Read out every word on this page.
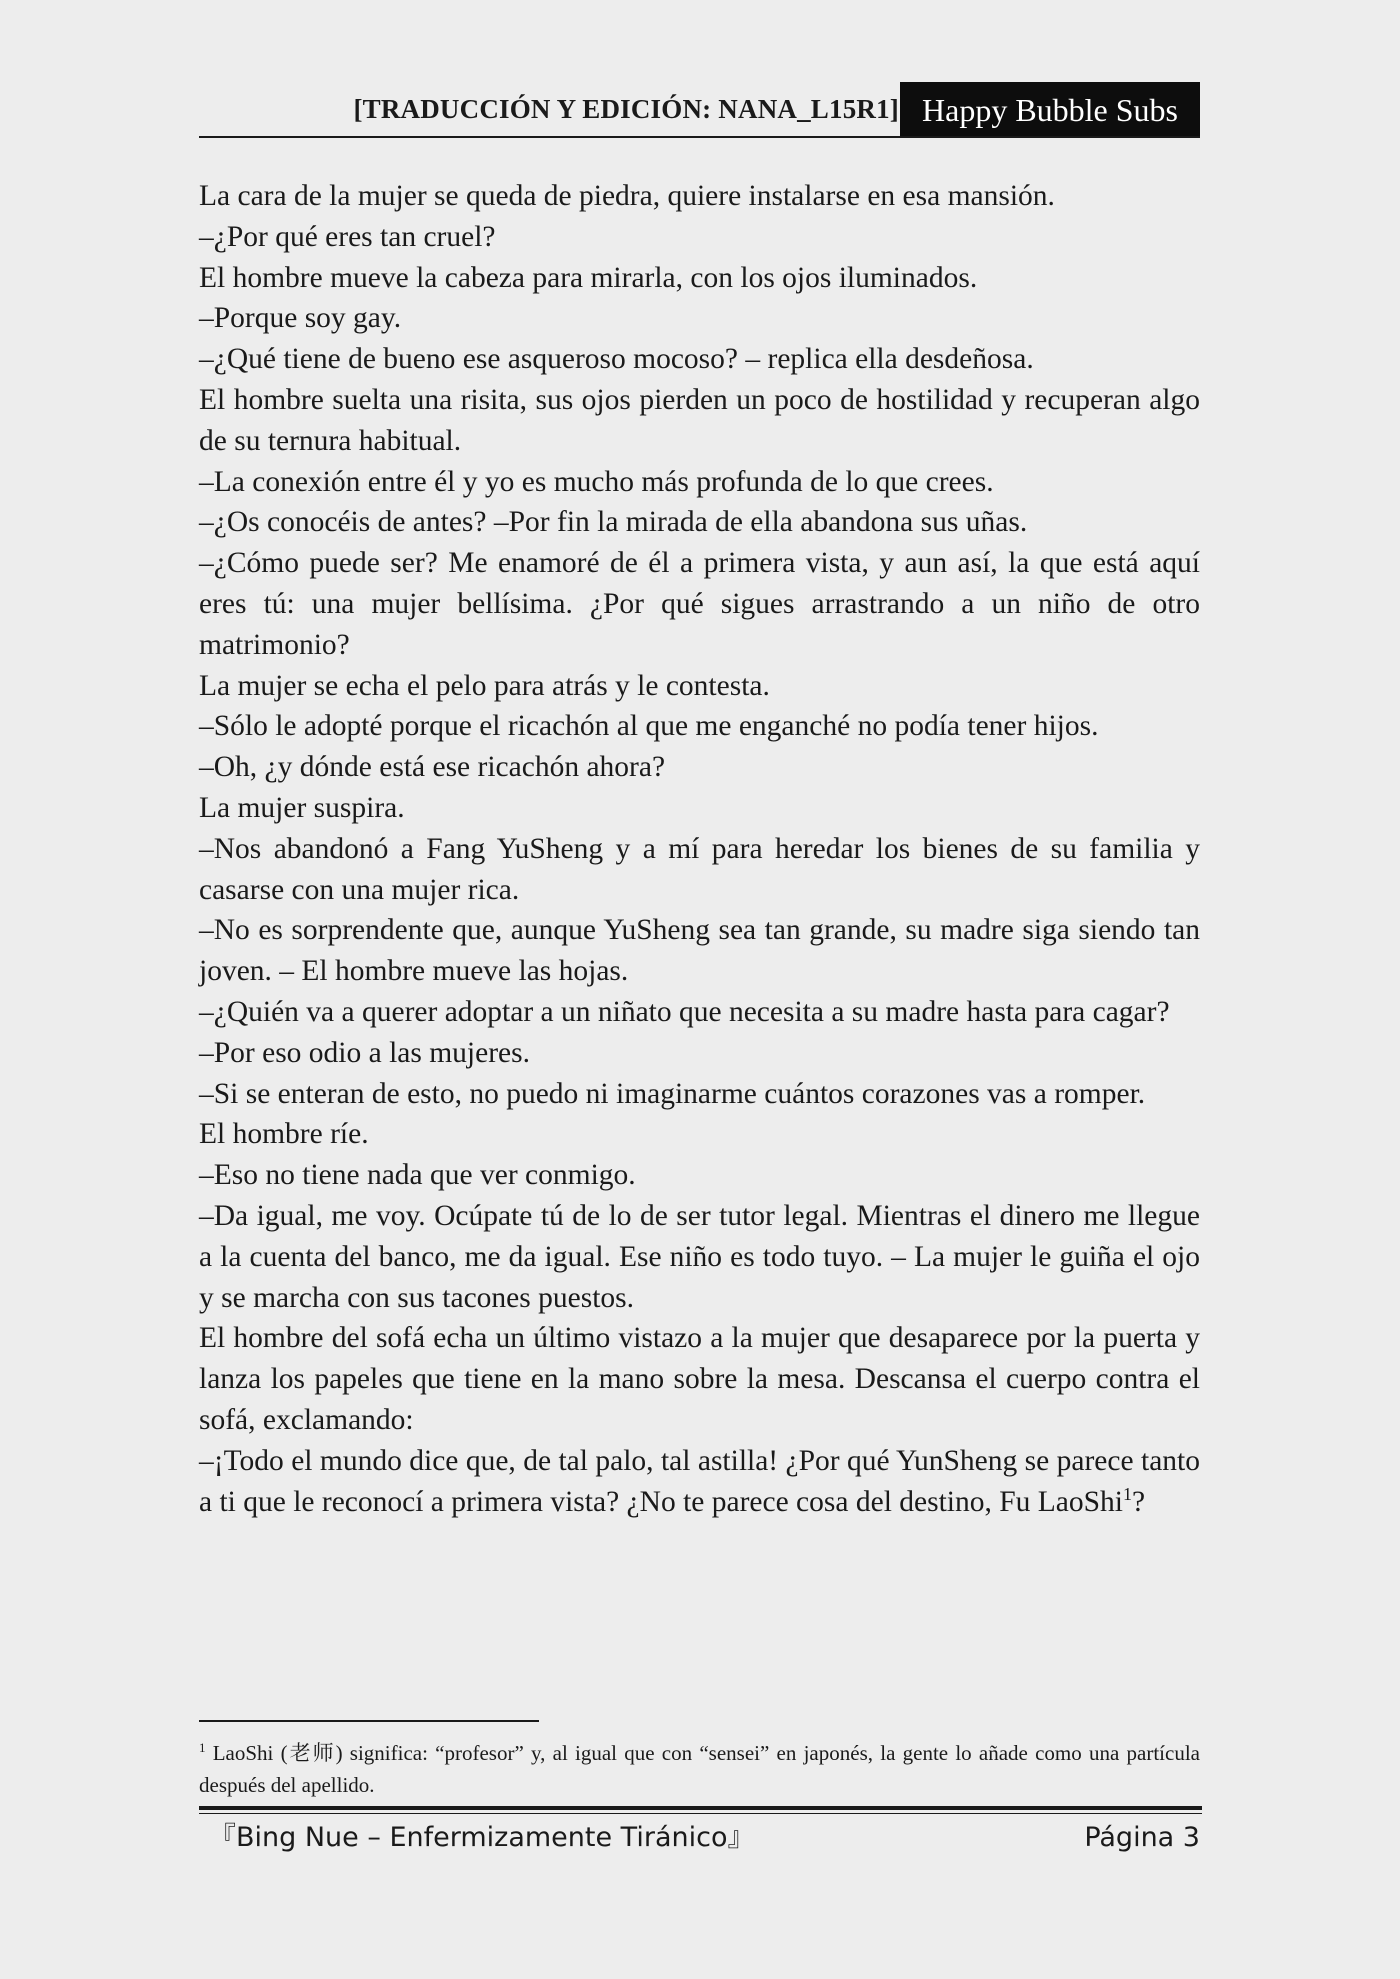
[TRADUCCIÓN Y EDICIÓN: NANA_L15R1] Happy Bubble Subs

La cara de la mujer se queda de piedra, quiere instalarse en esa mansión.

–¿Por qué eres tan cruel?

El hombre mueve la cabeza para mirarla, con los ojos iluminados.

–Porque soy gay.

–¿Qué tiene de bueno ese asqueroso mocoso? – replica ella desdeñosa.

El hombre suelta una risita, sus ojos pierden un poco de hostilidad y recuperan algo de su ternura habitual.

–La conexión entre él y yo es mucho más profunda de lo que crees.

–¿Os conocéis de antes? –Por fin la mirada de ella abandona sus uñas.

–¿Cómo puede ser? Me enamoré de él a primera vista, y aun así, la que está aquí eres tú: una mujer bellísima. ¿Por qué sigues arrastrando a un niño de otro matrimonio?

La mujer se echa el pelo para atrás y le contesta.

–Sólo le adopté porque el ricachón al que me enganché no podía tener hijos.

–Oh, ¿y dónde está ese ricachón ahora?

La mujer suspira.

–Nos abandonó a Fang YuSheng y a mí para heredar los bienes de su familia y casarse con una mujer rica.

–No es sorprendente que, aunque YuSheng sea tan grande, su madre siga siendo tan joven. – El hombre mueve las hojas.

–¿Quién va a querer adoptar a un niñato que necesita a su madre hasta para cagar?

–Por eso odio a las mujeres.

–Si se enteran de esto, no puedo ni imaginarme cuántos corazones vas a romper.

El hombre ríe.

–Eso no tiene nada que ver conmigo.

–Da igual, me voy. Ocúpate tú de lo de ser tutor legal. Mientras el dinero me llegue a la cuenta del banco, me da igual. Ese niño es todo tuyo. – La mujer le guiña el ojo y se marcha con sus tacones puestos.

El hombre del sofá echa un último vistazo a la mujer que desaparece por la puerta y lanza los papeles que tiene en la mano sobre la mesa. Descansa el cuerpo contra el sofá, exclamando:

–¡Todo el mundo dice que, de tal palo, tal astilla! ¿Por qué YunSheng se parece tanto a ti que le reconocí a primera vista? ¿No te parece cosa del destino, Fu LaoShi$^1$?

$^1$ LaoShi (老师) significa: “profesor” y, al igual que con “sensei” en japonés, la gente lo añade como una partícula después del apellido.
『Bing Nue – Enfermizamente Tiránico』	Página 3
